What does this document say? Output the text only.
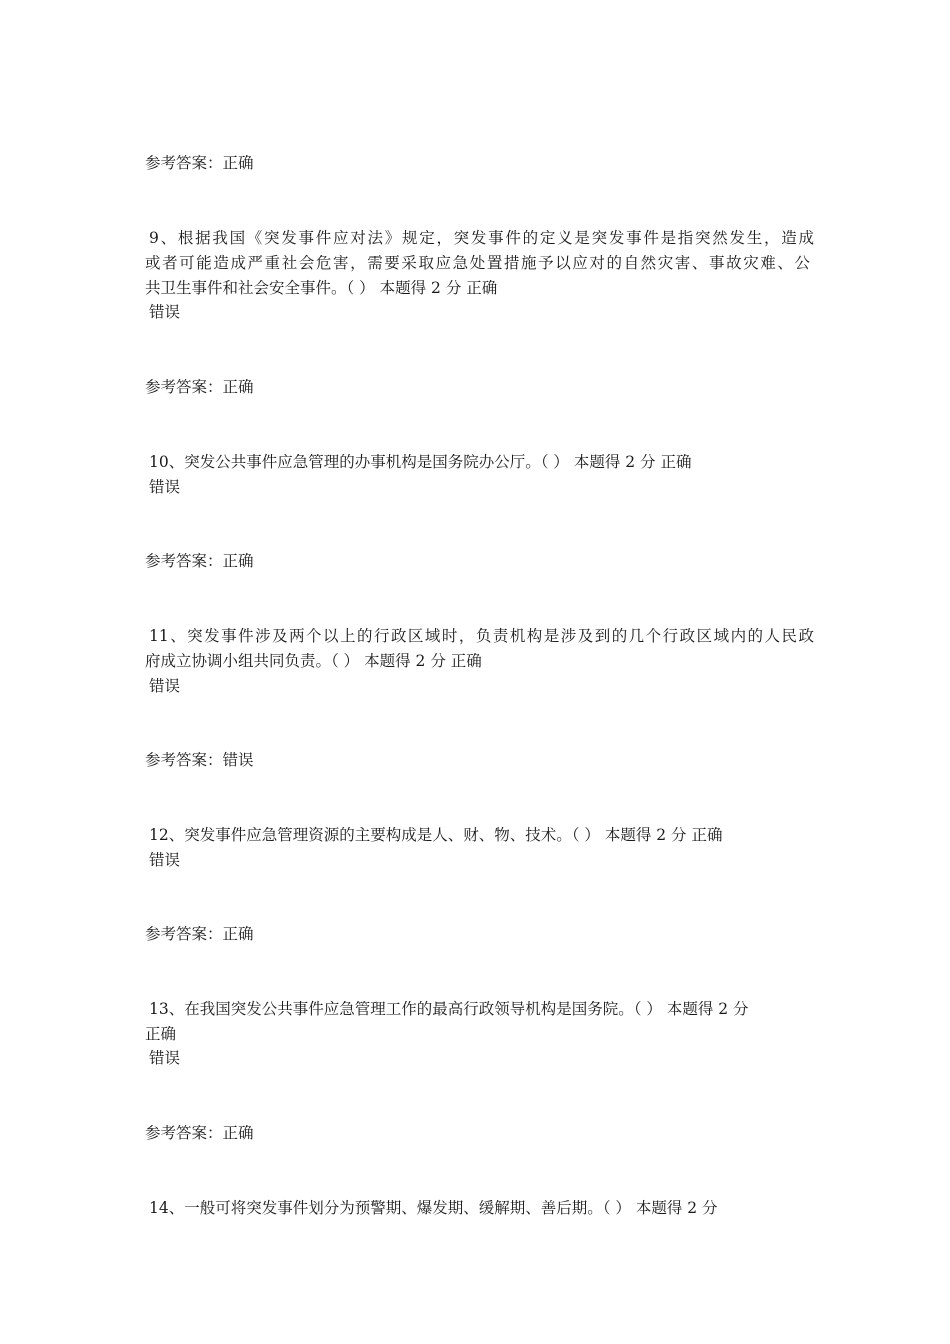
参考答案：正确
9、根据我国《突发事件应对法》规定，突发事件的定义是突发事件是指突然发生，造成
或者可能造成严重社会危害，需要采取应急处置措施予以应对的自然灾害、事故灾难、公
共卫生事件和社会安全事件。（ ） 本题得 2 分 正确
错误
参考答案：正确
10、突发公共事件应急管理的办事机构是国务院办公厅。（ ） 本题得 2 分 正确
错误
参考答案：正确
11、突发事件涉及两个以上的行政区域时，负责机构是涉及到的几个行政区域内的人民政
府成立协调小组共同负责。（ ） 本题得 2 分 正确
错误
参考答案：错误
12、突发事件应急管理资源的主要构成是人、财、物、技术。（ ） 本题得 2 分 正确
错误
参考答案：正确
13、在我国突发公共事件应急管理工作的最高行政领导机构是国务院。（ ） 本题得 2 分
正确
错误
参考答案：正确
14、一般可将突发事件划分为预警期、爆发期、缓解期、善后期。（ ） 本题得 2 分
